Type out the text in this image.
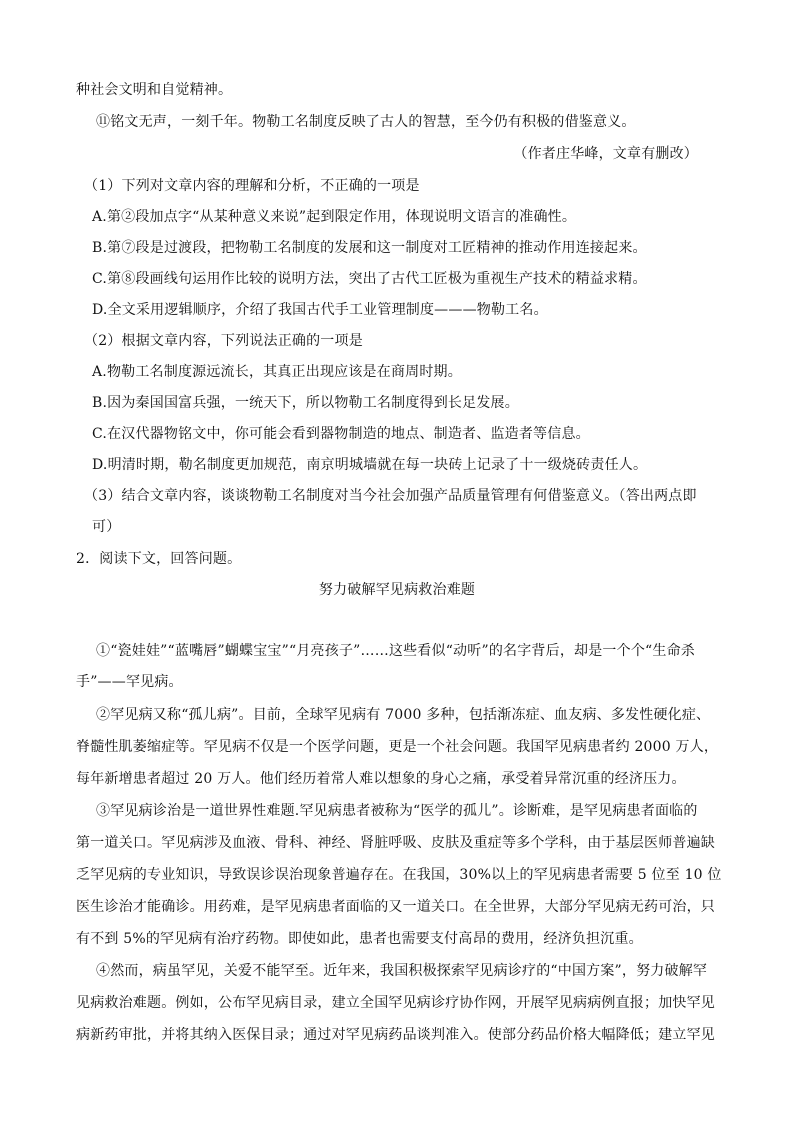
种社会文明和自觉精神。
⑪铭文无声，一刻千年。物勒工名制度反映了古人的智慧，至今仍有积极的借鉴意义。
（作者庄华峰，文章有删改）
（1）下列对文章内容的理解和分析，不正确的一项是
A.第②段加点字“从某种意义来说”起到限定作用，体现说明文语言的准确性。
B.第⑦段是过渡段，把物勒工名制度的发展和这一制度对工匠精神的推动作用连接起来。
C.第⑧段画线句运用作比较的说明方法，突出了古代工匠极为重视生产技术的精益求精。
D.全文采用逻辑顺序，介绍了我国古代手工业管理制度———物勒工名。
（2）根据文章内容，下列说法正确的一项是
A.物勒工名制度源远流长，其真正出现应该是在商周时期。
B.因为秦国国富兵强，一统天下，所以物勒工名制度得到长足发展。
C.在汉代器物铭文中，你可能会看到器物制造的地点、制造者、监造者等信息。
D.明清时期，勒名制度更加规范，南京明城墙就在每一块砖上记录了十一级烧砖责任人。
（3）结合文章内容，谈谈物勒工名制度对当今社会加强产品质量管理有何借鉴意义。（答出两点即
可）
2．阅读下文，回答问题。
努力破解罕见病救治难题
①“瓷娃娃”“蓝嘴唇”蝴蝶宝宝”“月亮孩子”……这些看似“动听”的名字背后，却是一个个“生命杀
手”——罕见病。
②罕见病又称“孤儿病”。目前，全球罕见病有 7000 多种，包括渐冻症、血友病、多发性硬化症、
脊髓性肌萎缩症等。罕见病不仅是一个医学问题，更是一个社会问题。我国罕见病患者约 2000 万人，
每年新增患者超过 20 万人。他们经历着常人难以想象的身心之痛，承受着异常沉重的经济压力。
③罕见病诊治是一道世界性难题.罕见病患者被称为“医学的孤儿”。诊断难，是罕见病患者面临的
第一道关口。罕见病涉及血液、骨科、神经、肾脏呼吸、皮肤及重症等多个学科，由于基层医师普遍缺
乏罕见病的专业知识，导致误诊误治现象普遍存在。在我国，30%以上的罕见病患者需要 5 位至 10 位
医生诊治才能确诊。用药难，是罕见病患者面临的又一道关口。在全世界，大部分罕见病无药可治，只
有不到 5%的罕见病有治疗药物。即使如此，患者也需要支付高昂的费用，经济负担沉重。
④然而，病虽罕见，关爱不能罕至。近年来，我国积极探索罕见病诊疗的“中国方案”，努力破解罕
见病救治难题。例如，公布罕见病目录，建立全国罕见病诊疗协作网，开展罕见病病例直报；加快罕见
病新药审批，并将其纳入医保目录；通过对罕见病药品谈判准入。使部分药品价格大幅降低；建立罕见
